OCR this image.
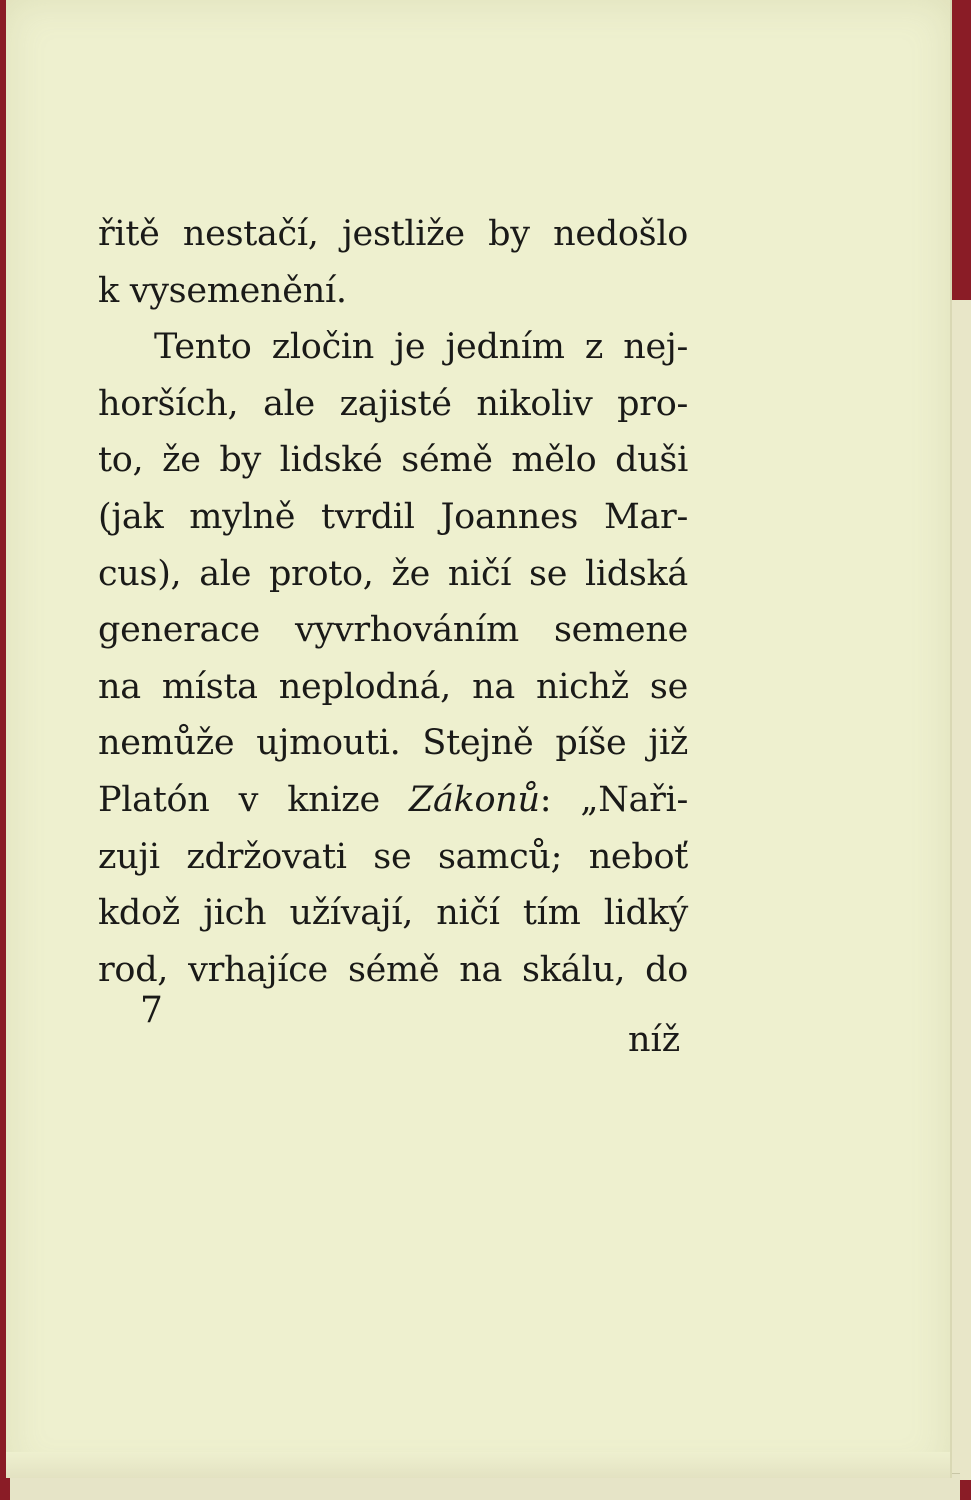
řitě nestačí, jestliže by nedošlo
k vysemenění.
Tento zločin je jedním z nej-
horších, ale zajisté nikoliv pro-
to, že by lidské sémě mělo duši
(jak mylně tvrdil Joannes Mar-
cus), ale proto, že ničí se lidská
generace vyvrhováním semene
na místa neplodná, na nichž se
nemůže ujmouti. Stejně píše již
Platón v knize Zákonů: „Naři-
zuji zdržovati se samců; neboť
kdož jich užívají, ničí tím lidký
rod, vrhajíce sémě na skálu, do
7
níž
